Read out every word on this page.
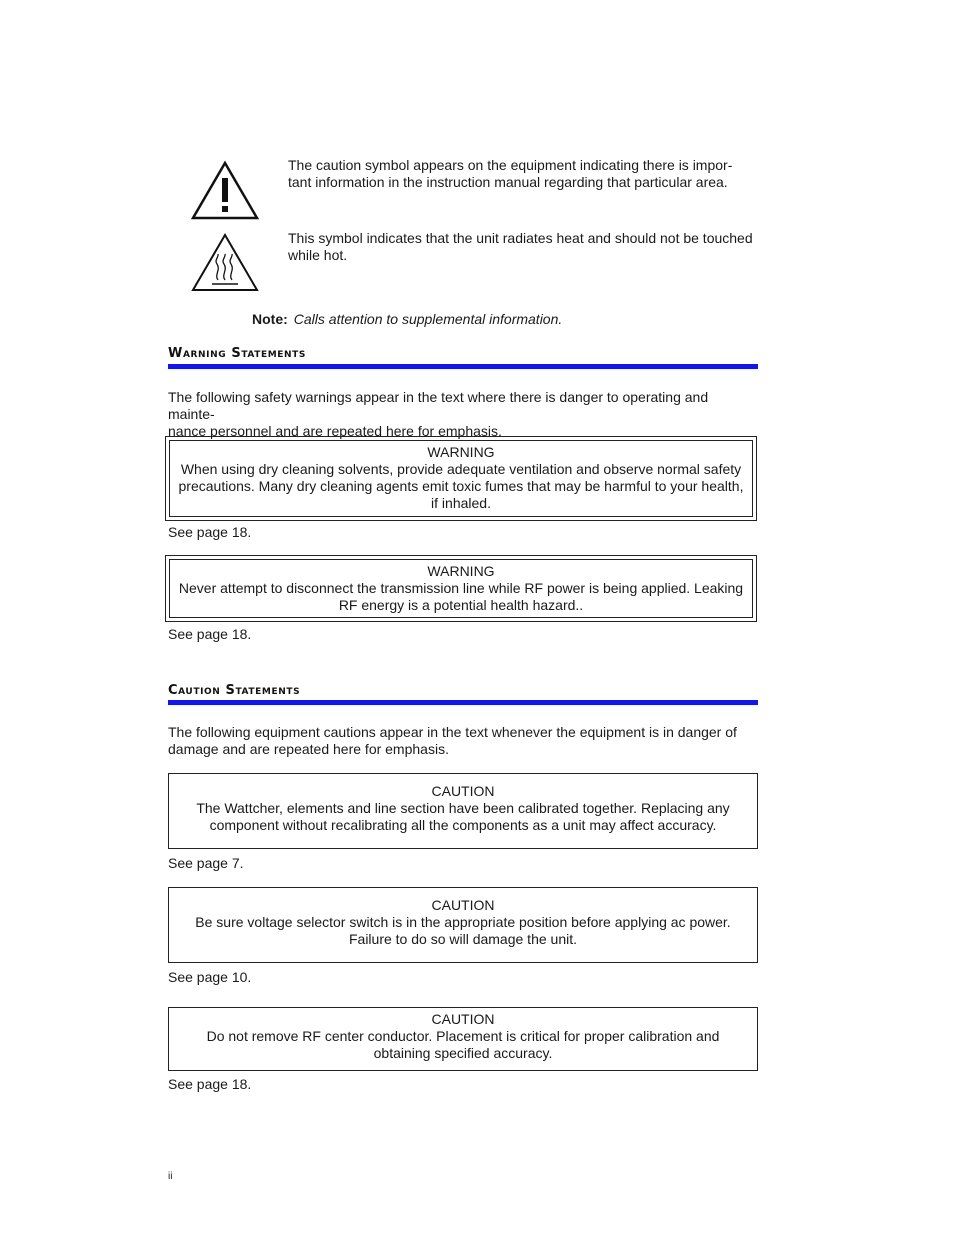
The caution symbol appears on the equipment indicating there is impor-
tant information in the instruction manual regarding that particular area.
This symbol indicates that the unit radiates heat and should not be touched
while hot.
Note: Calls attention to supplemental information.
Warning Statements
The following safety warnings appear in the text where there is danger to operating and mainte-
nance personnel and are repeated here for emphasis.
WARNING
When using dry cleaning solvents, provide adequate ventilation and observe normal safety
precautions. Many dry cleaning agents emit toxic fumes that may be harmful to your health,
if inhaled.
See page 18.
WARNING
Never attempt to disconnect the transmission line while RF power is being applied. Leaking
RF energy is a potential health hazard..
See page 18.
Caution Statements
The following equipment cautions appear in the text whenever the equipment is in danger of
damage and are repeated here for emphasis.
CAUTION
The Wattcher, elements and line section have been calibrated together. Replacing any
component without recalibrating all the components as a unit may affect accuracy.
See page 7.
CAUTION
Be sure voltage selector switch is in the appropriate position before applying ac power.
Failure to do so will damage the unit.
See page 10.
CAUTION
Do not remove RF center conductor. Placement is critical for proper calibration and
obtaining specified accuracy.
See page 18.
ii
